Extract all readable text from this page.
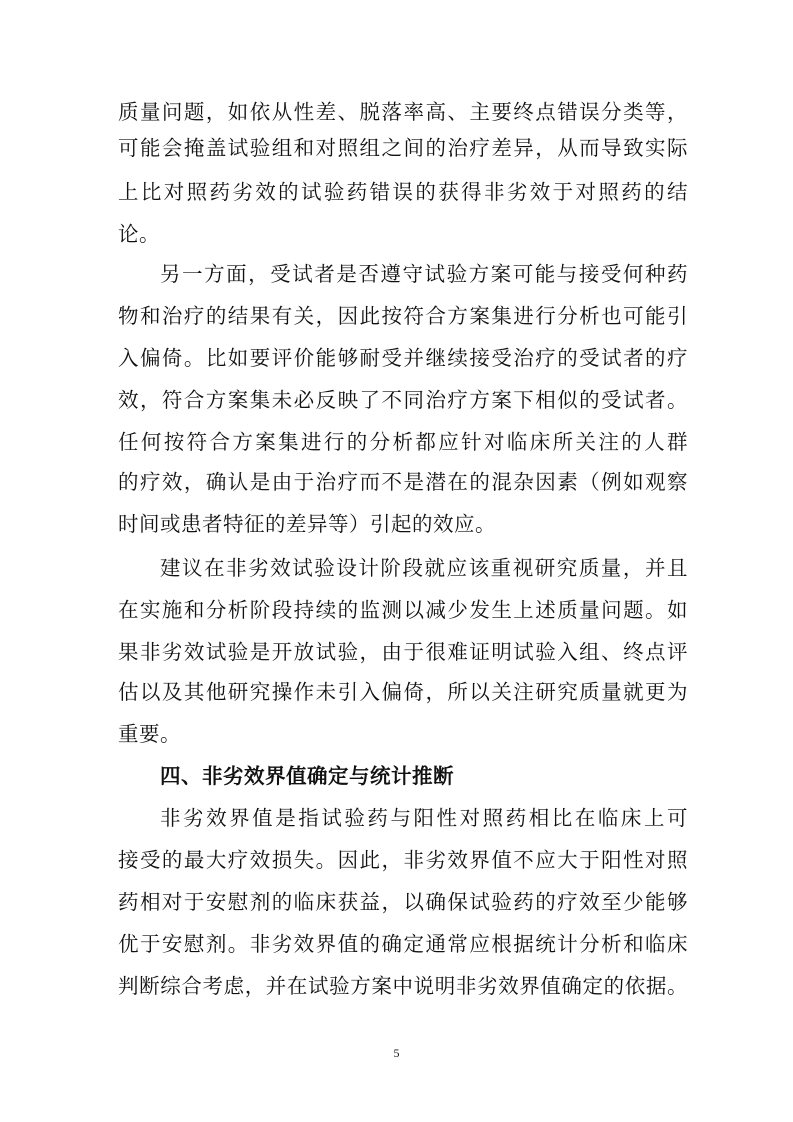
质量问题，如依从性差、脱落率高、主要终点错误分类等，
可能会掩盖试验组和对照组之间的治疗差异，从而导致实际
上比对照药劣效的试验药错误的获得非劣效于对照药的结
论。
另一方面，受试者是否遵守试验方案可能与接受何种药
物和治疗的结果有关，因此按符合方案集进行分析也可能引
入偏倚。比如要评价能够耐受并继续接受治疗的受试者的疗
效，符合方案集未必反映了不同治疗方案下相似的受试者。
任何按符合方案集进行的分析都应针对临床所关注的人群
的疗效，确认是由于治疗而不是潜在的混杂因素（例如观察
时间或患者特征的差异等）引起的效应。
建议在非劣效试验设计阶段就应该重视研究质量，并且
在实施和分析阶段持续的监测以减少发生上述质量问题。如
果非劣效试验是开放试验，由于很难证明试验入组、终点评
估以及其他研究操作未引入偏倚，所以关注研究质量就更为
重要。
四、非劣效界值确定与统计推断
非劣效界值是指试验药与阳性对照药相比在临床上可
接受的最大疗效损失。因此，非劣效界值不应大于阳性对照
药相对于安慰剂的临床获益，以确保试验药的疗效至少能够
优于安慰剂。非劣效界值的确定通常应根据统计分析和临床
判断综合考虑，并在试验方案中说明非劣效界值确定的依据。
5
